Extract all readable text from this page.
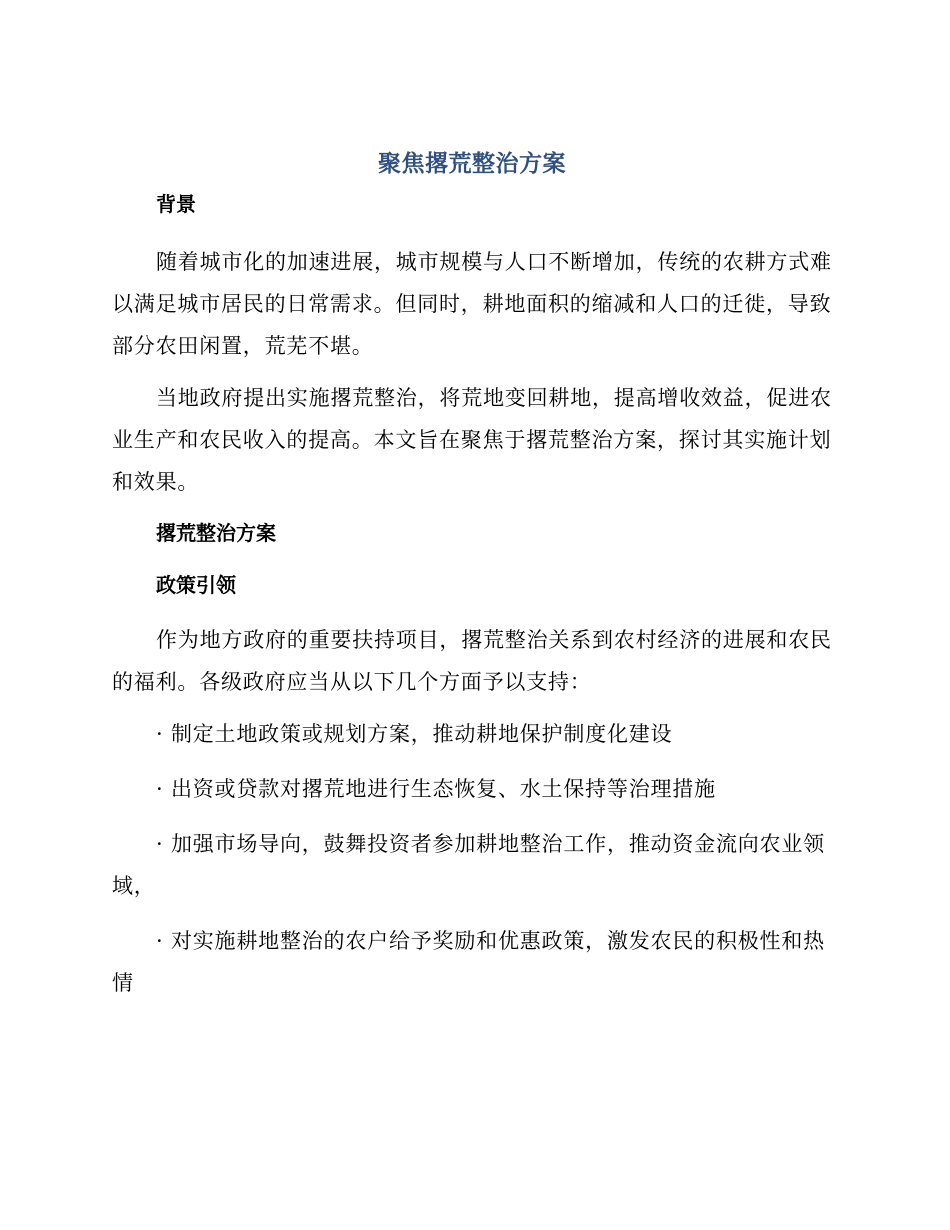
聚焦撂荒整治方案
背景
随着城市化的加速进展，城市规模与人口不断增加，传统的农耕方式难以满足城市居民的日常需求。但同时，耕地面积的缩减和人口的迁徙，导致部分农田闲置，荒芜不堪。
当地政府提出实施撂荒整治，将荒地变回耕地，提高增收效益，促进农业生产和农民收入的提高。本文旨在聚焦于撂荒整治方案，探讨其实施计划和效果。
撂荒整治方案
政策引领
作为地方政府的重要扶持项目，撂荒整治关系到农村经济的进展和农民的福利。各级政府应当从以下几个方面予以支持：
· 制定土地政策或规划方案，推动耕地保护制度化建设
· 出资或贷款对撂荒地进行生态恢复、水土保持等治理措施
· 加强市场导向，鼓舞投资者参加耕地整治工作，推动资金流向农业领域，
· 对实施耕地整治的农户给予奖励和优惠政策，激发农民的积极性和热情
